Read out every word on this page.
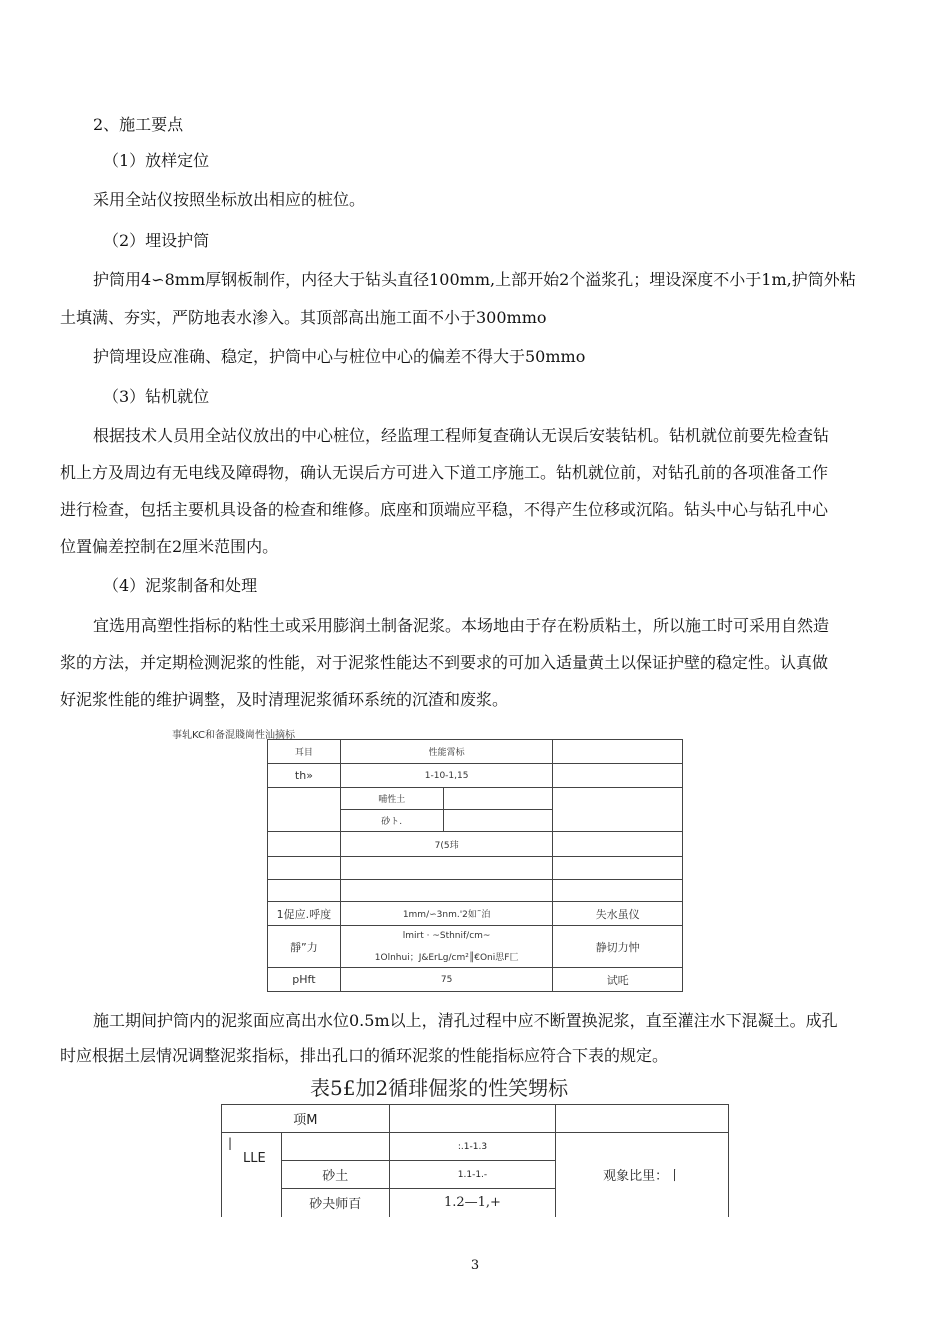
2、施工要点

（1）放样定位

采用全站仪按照坐标放出相应的桩位。

（2）埋设护筒

护筒用4∽8mm厚钢板制作，内径大于钻头直径100mm,上部开始2个溢浆孔；埋设深度不小于1m,护筒外粘

土填满、夯实，严防地表水渗入。其顶部高出施工面不小于300mmo

护筒埋设应准确、稳定，护筒中心与桩位中心的偏差不得大于50mmo

（3）钻机就位

根据技术人员用全站仪放出的中心桩位，经监理工程师复查确认无误后安装钻机。钻机就位前要先检查钻

机上方及周边有无电线及障碍物，确认无误后方可进入下道工序施工。钻机就位前，对钻孔前的各项准备工作

进行检查，包括主要机具设备的检查和维修。底座和顶端应平稳，不得产生位移或沉陷。钻头中心与钻孔中心

位置偏差控制在2厘米范围内。

（4）泥浆制备和处理

宜选用高塑性指标的粘性土或采用膨润土制备泥浆。本场地由于存在粉质粘土，所以施工时可采用自然造

浆的方法，并定期检测泥浆的性能，对于泥浆性能达不到要求的可加入适量黄土以保证护壁的稳定性。认真做

好泥浆性能的维护调整，及时清理泥浆循环系统的沉渣和废浆。

事轧KC和备混賤崗性汕摘标
耳目	性能霄标		
th»	1-10-1,15		
	哺性土		
	砂ト.		
	7(5玮		

1促应.呼度	1mm/∽3nm.'2如˜泊		失水虽仪
靜”力	lmirt · ~Sthnif/cm~		静切力忡
	1Olnhui；J&ErLg/cm²║€Oni思F匚		
pHft	75		试吒

施工期间护筒内的泥浆面应高出水位0.5m以上，清孔过程中应不断置换泥浆，直至灌注水下混凝土。成孔

时应根据土层情况调整泥浆指标，排出孔口的循环泥浆的性能指标应符合下表的规定。

表5£加2循琲倔浆的性笑甥标
项M			

|
LLE		:.1-1.3	观象比里：丨
	砂土	1.1-1.-	
	砂夬师百	1.2—1,+	
3
